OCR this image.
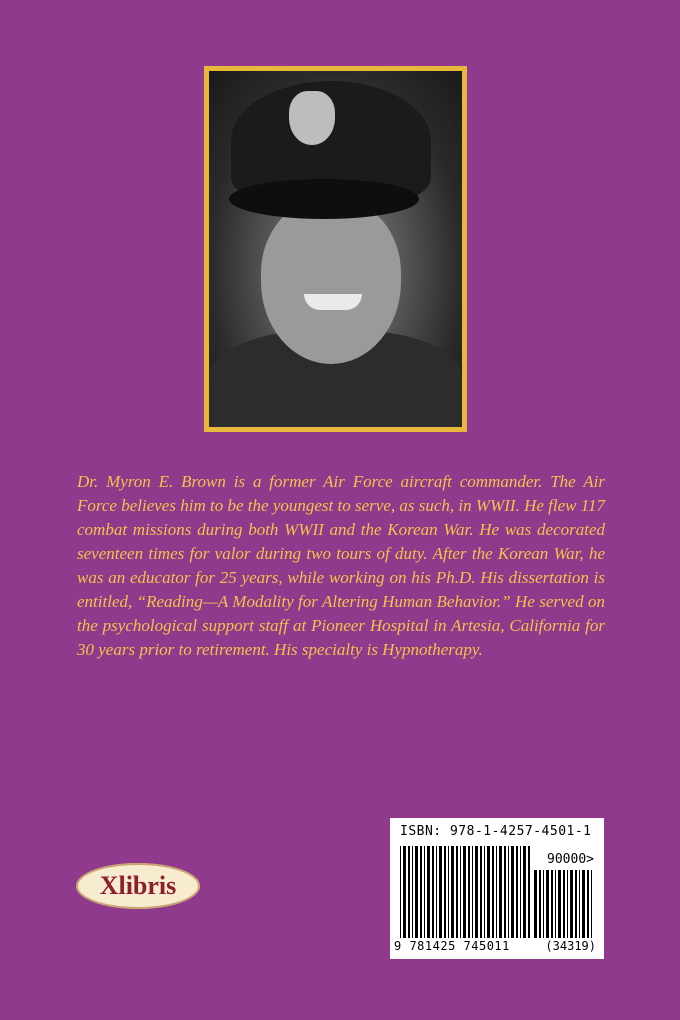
Dr. Myron E. Brown is a former Air Force aircraft commander. The Air Force believes him to be the youngest to serve, as such, in WWII. He flew 117 combat missions during both WWII and the Korean War. He was decorated seventeen times for valor during two tours of duty. After the Korean War, he was an educator for 25 years, while working on his Ph.D. His dissertation is entitled, “Reading—A Modality for Altering Human Behavior.” He served on the psychological support staff at Pioneer Hospital in Artesia, California for 30 years prior to retirement. His specialty is Hypnotherapy.

Xlibris
ISBN: 978-1-4257-4501-1
90000>
9 781425 745011	(34319)
